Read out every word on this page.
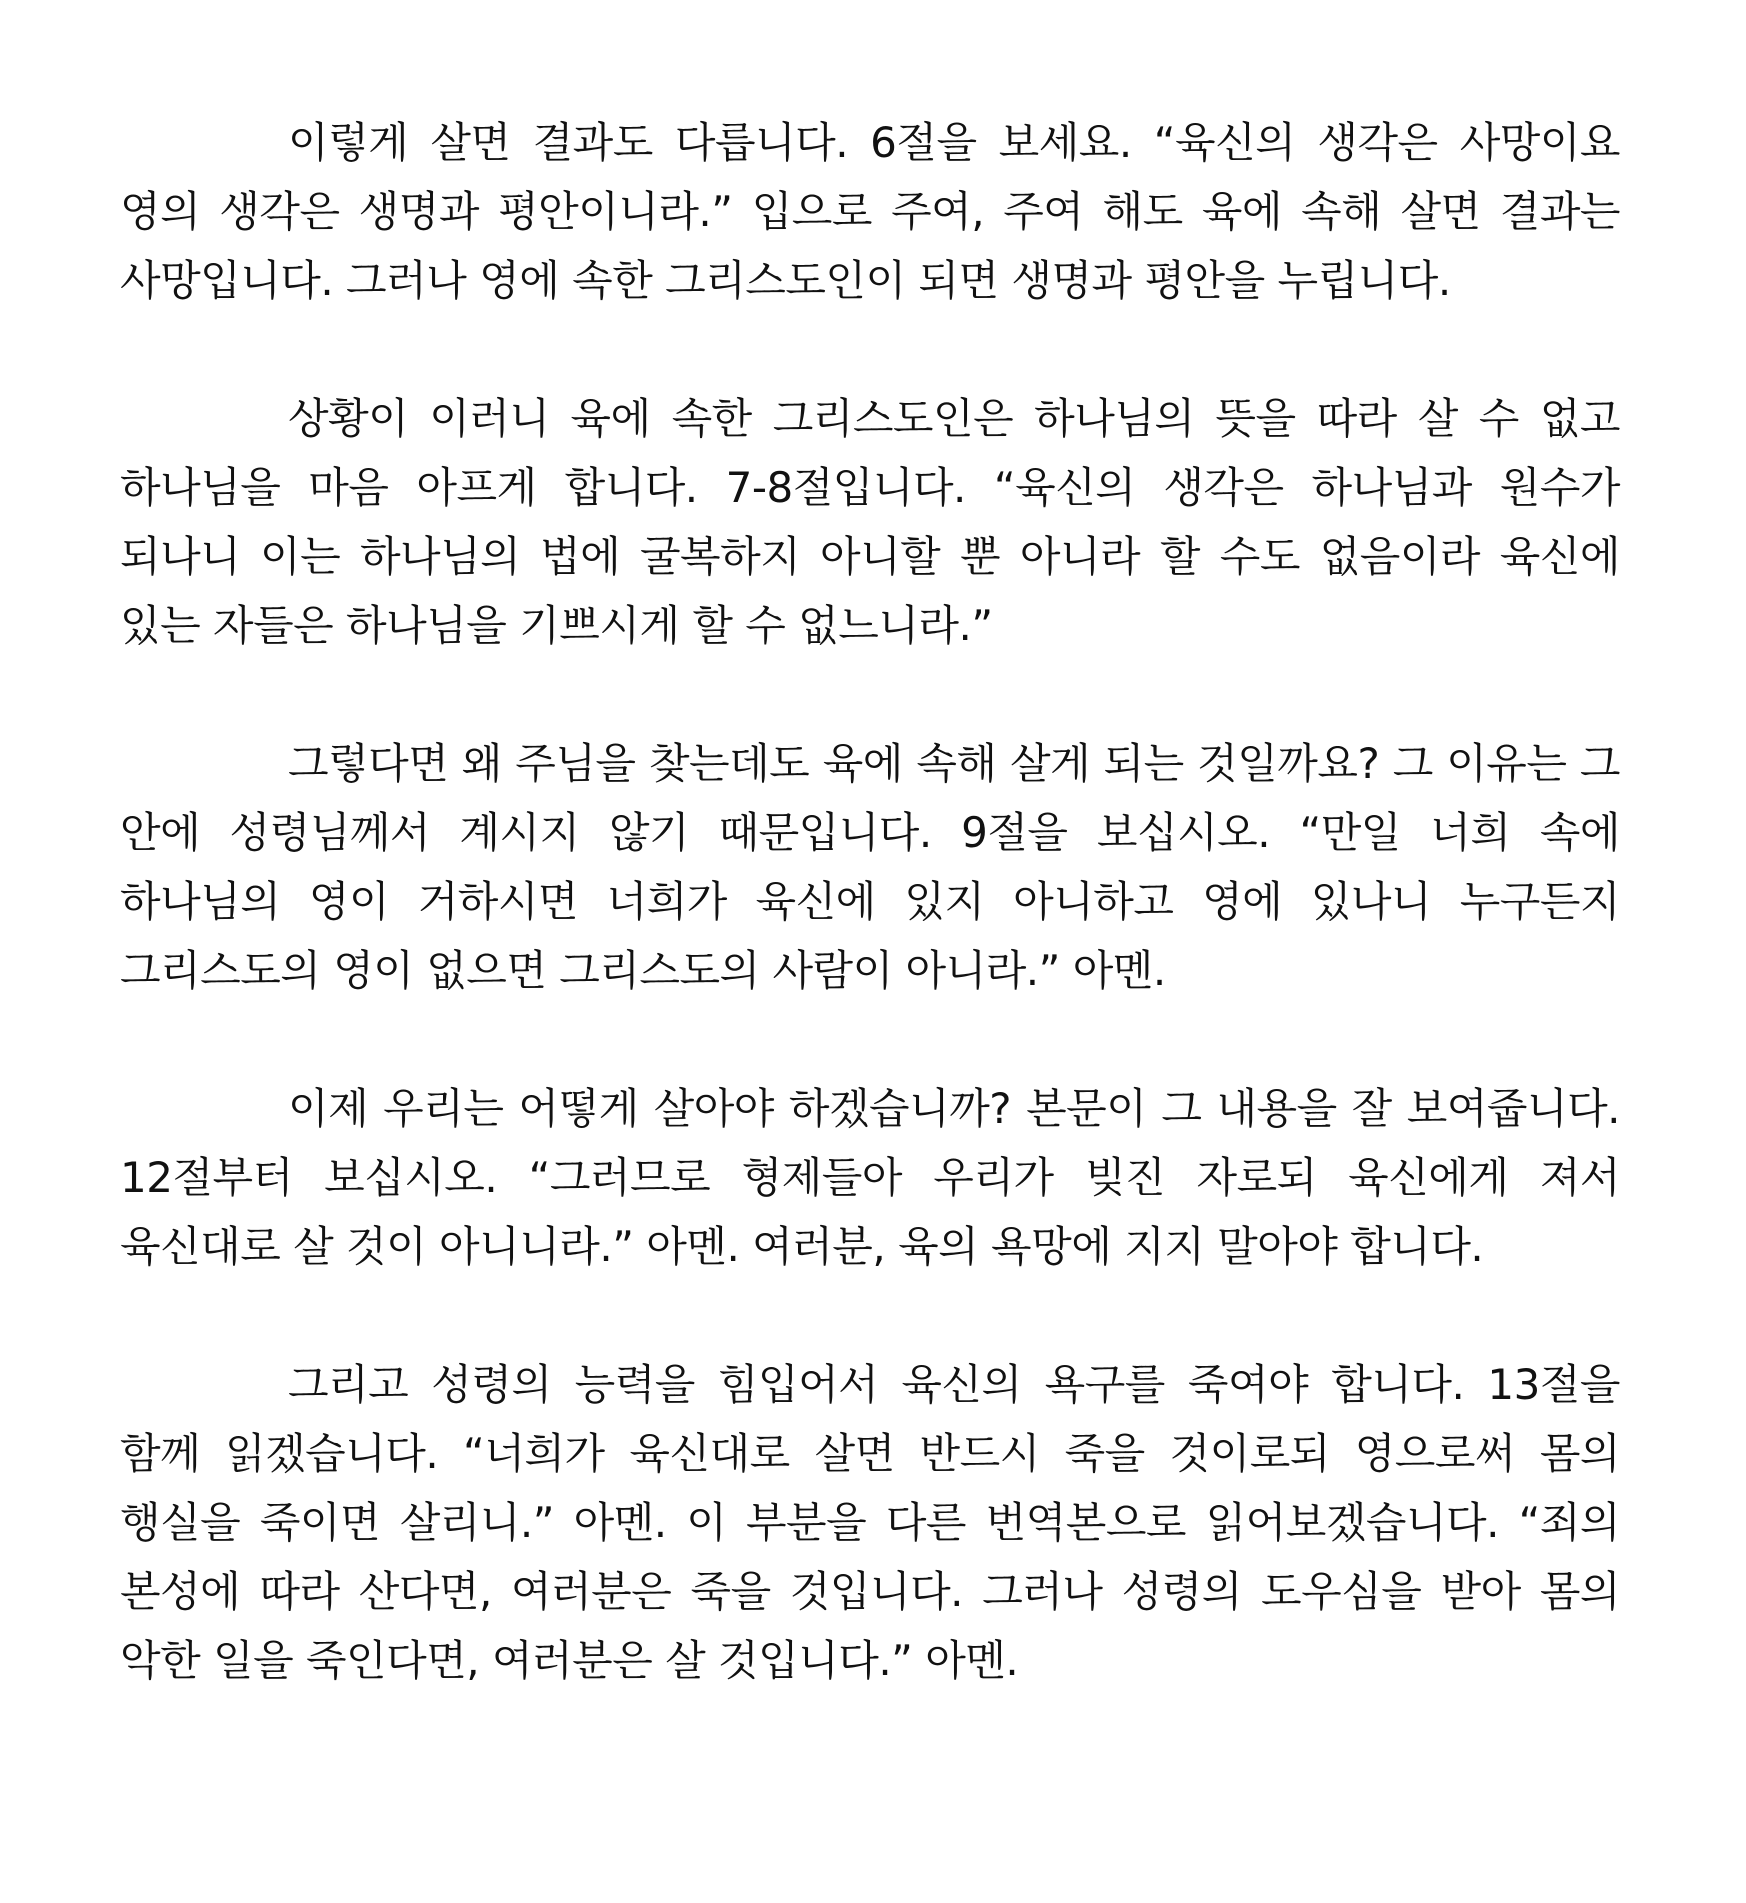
이렇게 살면 결과도 다릅니다. 6절을 보세요. “육신의 생각은 사망이요 영의 생각은 생명과 평안이니라.” 입으로 주여, 주여 해도 육에 속해 살면 결과는 사망입니다. 그러나 영에 속한 그리스도인이 되면 생명과 평안을 누립니다.

상황이 이러니 육에 속한 그리스도인은 하나님의 뜻을 따라 살 수 없고 하나님을 마음 아프게 합니다. 7-8절입니다. “육신의 생각은 하나님과 원수가 되나니 이는 하나님의 법에 굴복하지 아니할 뿐 아니라 할 수도 없음이라 육신에 있는 자들은 하나님을 기쁘시게 할 수 없느니라.”

그렇다면 왜 주님을 찾는데도 육에 속해 살게 되는 것일까요? 그 이유는 그 안에 성령님께서 계시지 않기 때문입니다. 9절을 보십시오. “만일 너희 속에 하나님의 영이 거하시면 너희가 육신에 있지 아니하고 영에 있나니 누구든지 그리스도의 영이 없으면 그리스도의 사람이 아니라.” 아멘.

이제 우리는 어떻게 살아야 하겠습니까? 본문이 그 내용을 잘 보여줍니다. 12절부터 보십시오. “그러므로 형제들아 우리가 빚진 자로되 육신에게 져서 육신대로 살 것이 아니니라.” 아멘. 여러분, 육의 욕망에 지지 말아야 합니다.

그리고 성령의 능력을 힘입어서 육신의 욕구를 죽여야 합니다. 13절을 함께 읽겠습니다. “너희가 육신대로 살면 반드시 죽을 것이로되 영으로써 몸의 행실을 죽이면 살리니.” 아멘. 이 부분을 다른 번역본으로 읽어보겠습니다. “죄의 본성에 따라 산다면, 여러분은 죽을 것입니다. 그러나 성령의 도우심을 받아 몸의 악한 일을 죽인다면, 여러분은 살 것입니다.” 아멘.
